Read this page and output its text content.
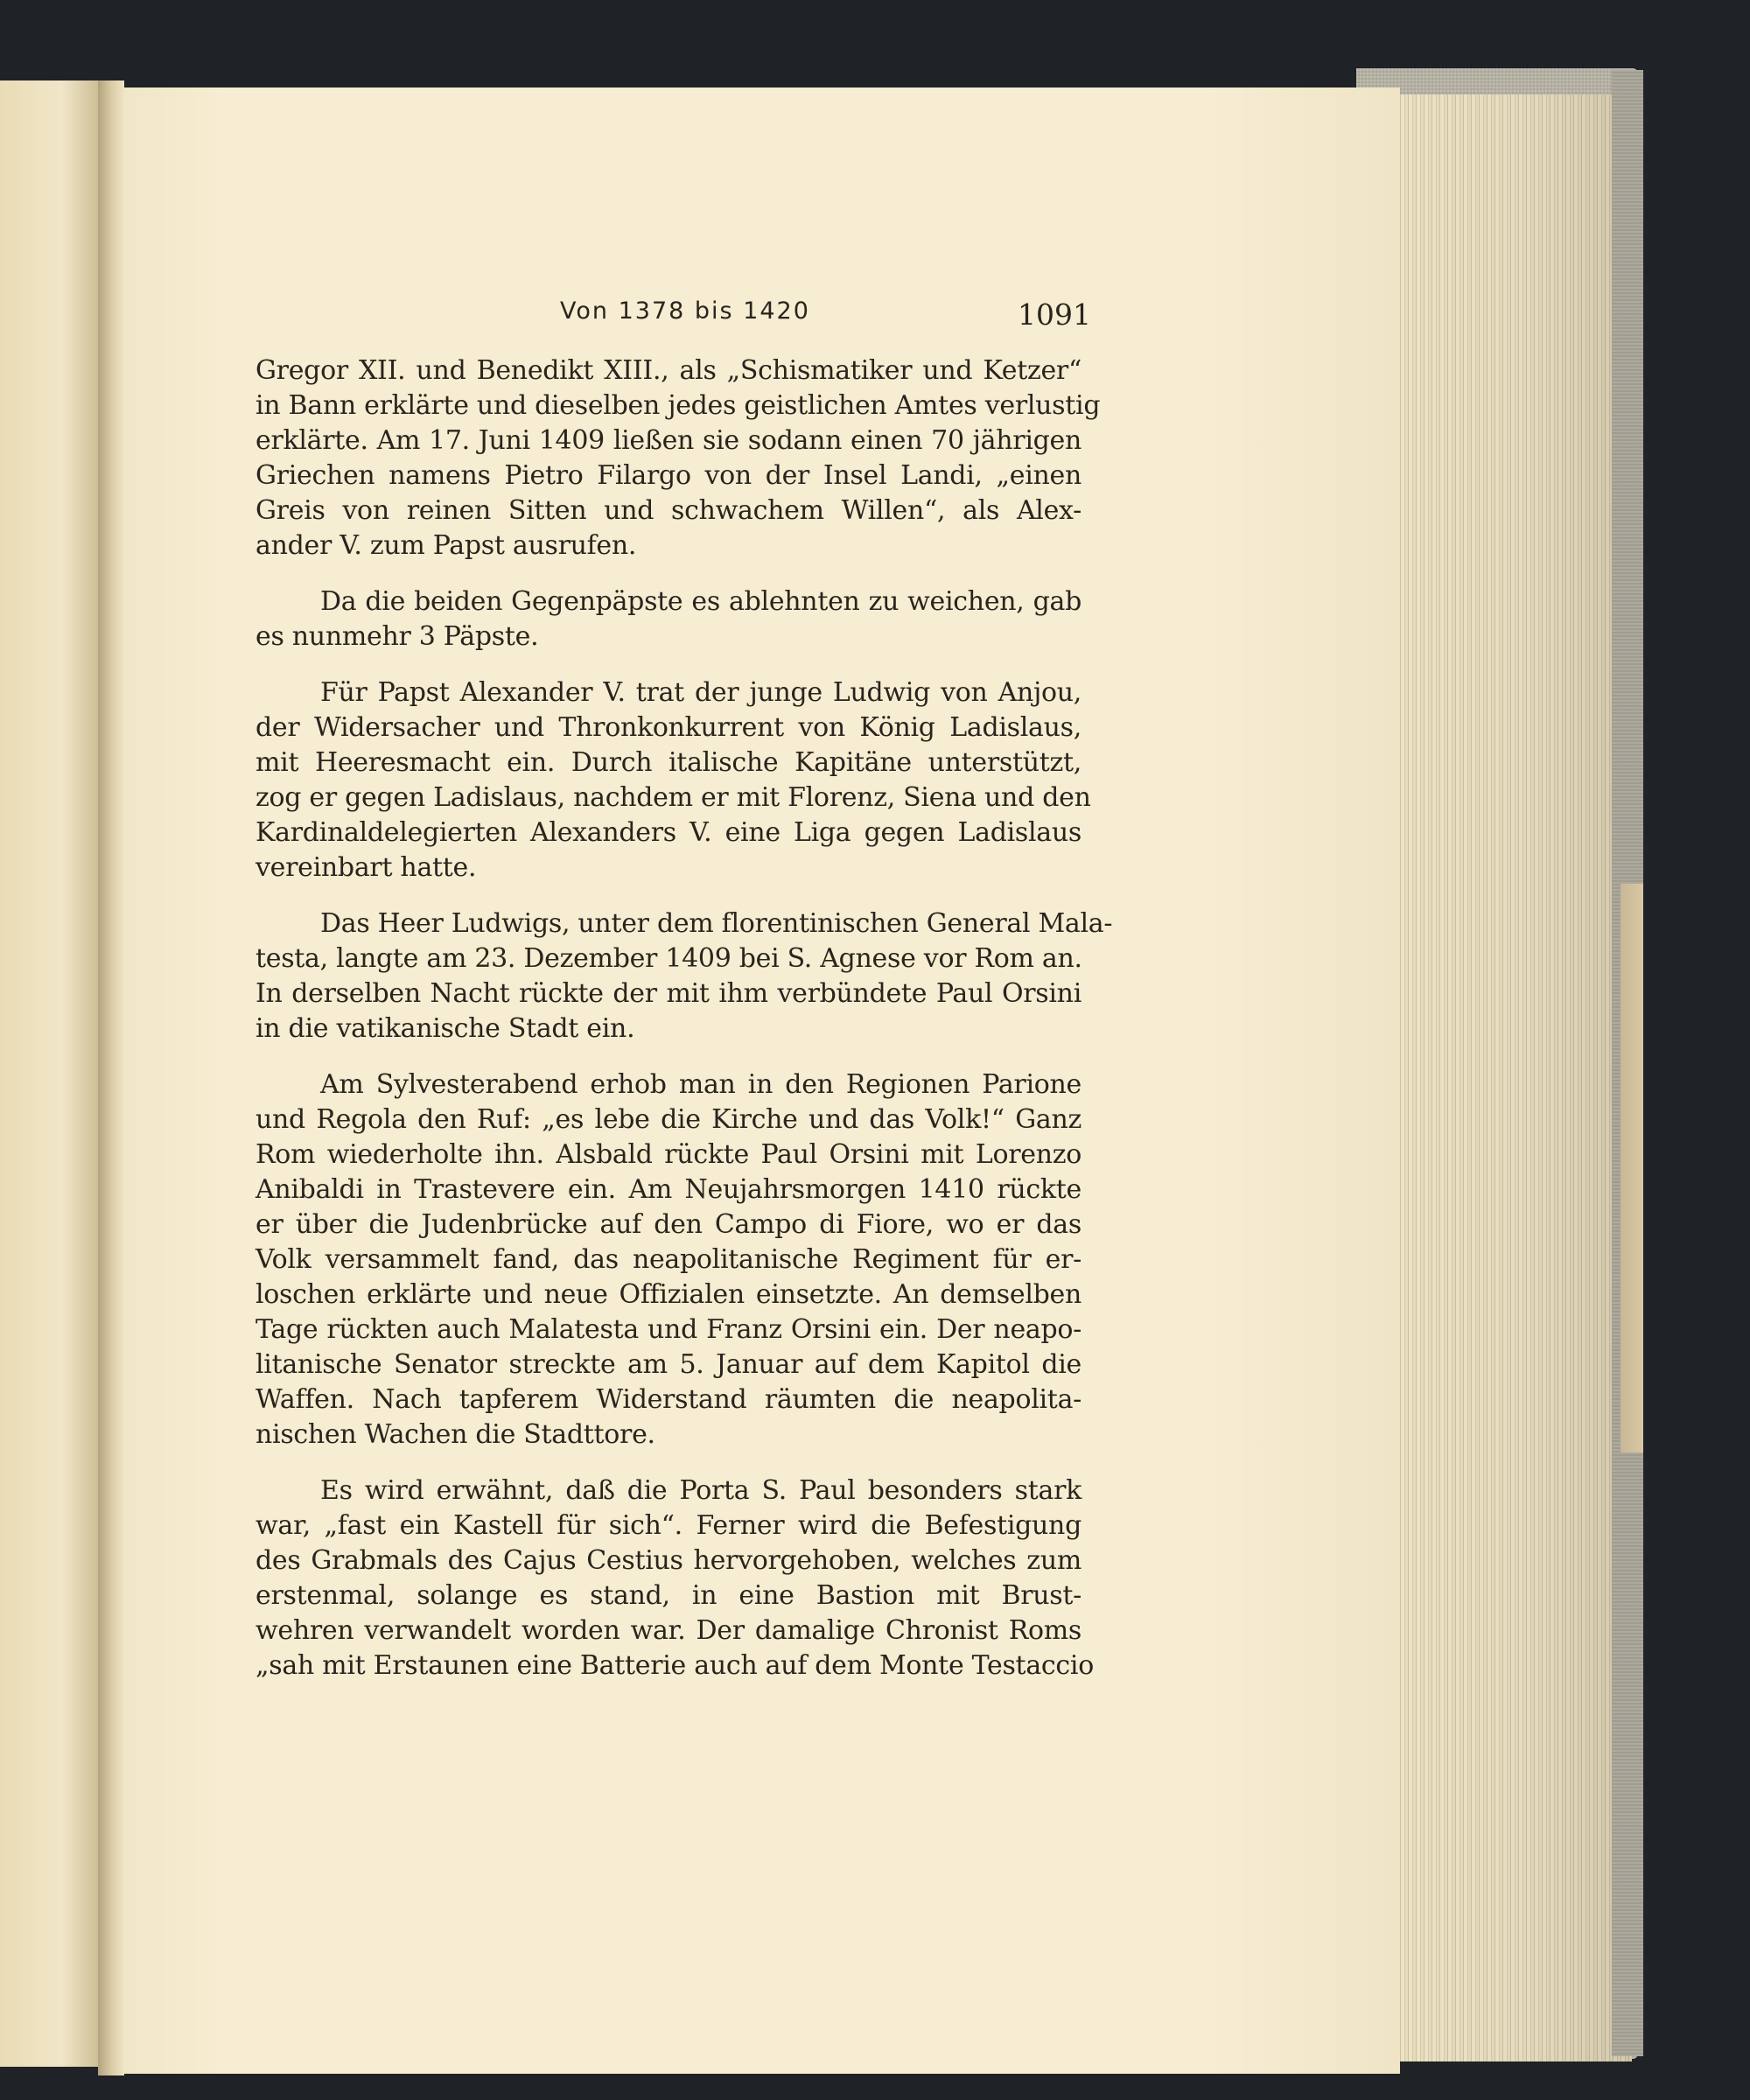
Von 1378 bis 1420	1091
Gregor XII. und Benedikt XIII., als „Schismatiker und Ketzer“
in Bann erklärte und dieselben jedes geistlichen Amtes verlustig
erklärte. Am 17. Juni 1409 ließen sie sodann einen 70 jährigen
Griechen namens Pietro Filargo von der Insel Landi, „einen
Greis von reinen Sitten und schwachem Willen“, als Alex-
ander V. zum Papst ausrufen.
Da die beiden Gegenpäpste es ablehnten zu weichen, gab
es nunmehr 3 Päpste.
Für Papst Alexander V. trat der junge Ludwig von Anjou,
der Widersacher und Thronkonkurrent von König Ladislaus,
mit Heeresmacht ein. Durch italische Kapitäne unterstützt,
zog er gegen Ladislaus, nachdem er mit Florenz, Siena und den
Kardinaldelegierten Alexanders V. eine Liga gegen Ladislaus
vereinbart hatte.
Das Heer Ludwigs, unter dem florentinischen General Mala-
testa, langte am 23. Dezember 1409 bei S. Agnese vor Rom an.
In derselben Nacht rückte der mit ihm verbündete Paul Orsini
in die vatikanische Stadt ein.
Am Sylvesterabend erhob man in den Regionen Parione
und Regola den Ruf: „es lebe die Kirche und das Volk!“ Ganz
Rom wiederholte ihn. Alsbald rückte Paul Orsini mit Lorenzo
Anibaldi in Trastevere ein. Am Neujahrsmorgen 1410 rückte
er über die Judenbrücke auf den Campo di Fiore, wo er das
Volk versammelt fand, das neapolitanische Regiment für er-
loschen erklärte und neue Offizialen einsetzte. An demselben
Tage rückten auch Malatesta und Franz Orsini ein. Der neapo-
litanische Senator streckte am 5. Januar auf dem Kapitol die
Waffen. Nach tapferem Widerstand räumten die neapolita-
nischen Wachen die Stadttore.
Es wird erwähnt, daß die Porta S. Paul besonders stark
war, „fast ein Kastell für sich“. Ferner wird die Befestigung
des Grabmals des Cajus Cestius hervorgehoben, welches zum
erstenmal, solange es stand, in eine Bastion mit Brust-
wehren verwandelt worden war. Der damalige Chronist Roms
„sah mit Erstaunen eine Batterie auch auf dem Monte Testaccio
